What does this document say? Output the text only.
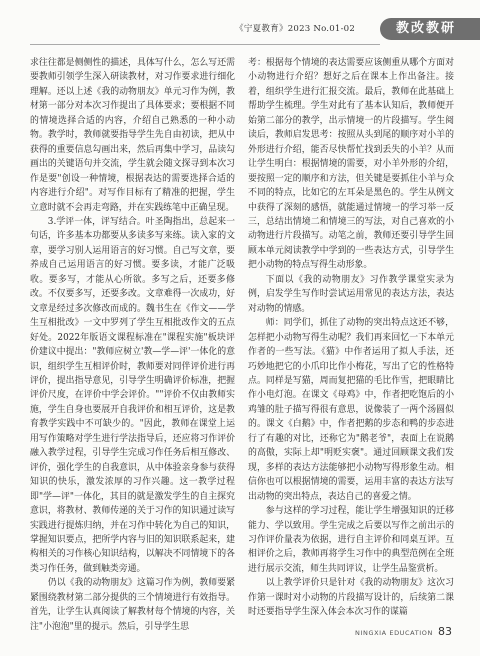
《宁夏教育》2023 No.01-02	教改教研

求往往都是侧侧性的描述，具体写什么，怎么写还需要教师引领学生深入研读教材，对习作要求进行细化理解。还以上述《我的动物朋友》单元习作为例，教材第一部分对本次习作提出了具体要求；要根据不同的情境选择合适的内容，介绍自己熟悉的一种小动物。教学时，教师就要指导学生先自由初读，把从中获得的重要信息勾画出来，然后再集中学习，品读勾画出的关键语句并交流，学生就会随文探寻到本次习作是要"创设一种情境，根据表达的需要选择合适的内容进行介绍"。对写作目标有了精准的把握，学生立意时就不会再走弯路，并在实践练笔中正确呈现。

3.学评一体，评写结合。叶圣陶指出，总起来一句话，许多基本功都要从多读多写来练。读入家的文章，要学习别人运用语言的好习惯。自己写文章，要养成自己运用语言的好习惯。要多读，才能广泛吸收。要多写，才能从心所欲。多写之后，还要多修改。不仅要多写，还要多改。文章难得一次成功，好文章是经过多次修改而成的。魏书生在《作文——学生互相批改》一文中罗列了学生互相批改作文的五点好处。2022年版语文课程标准在"课程实施"板块评价建议中提出："教师应树立'教—学—评'一体化的意识，组织学生互相评价时，教师要对同伴评价进行再评价，提出指导意见，引导学生明确评价标准，把握评价尺度，在评价中学会评价。""评价不仅由教师实施，学生自身也要展开自我评价和相互评价，这是教育教学实践中不可缺少的。"因此，教师在课堂上运用写作策略对学生进行学法指导后，还应将习作评价融入教学过程，引导学生完成习作任务后相互修改、评价，强化学生的自我意识，从中体验亲身参与获得知识的快乐，激发浓厚的习作兴趣。这一教学过程即"学—评"一体化，其目的就是激发学生的自主探究意识，将教材、教师传递的关于习作的知识通过读写实践进行提炼归纳，并在习作中转化为自己的知识，掌握知识要点，把所学内容与旧的知识联系起来，建构相关的习作核心知识结构，以解决不同情境下的各类习作任务，做到触类旁通。

仍以《我的动物朋友》这篇习作为例，教师要紧紧围绕教材第二部分提供的三个情境进行有效指导。首先，让学生认真阅读了解教材每个情境的内容，关注"小泡泡"里的提示。然后，引导学生思

考：根据每个情境的表达需要应该侧重从哪个方面对小动物进行介绍？想好之后在课本上作出备注。接着，组织学生进行汇报交流。最后，教师在此基础上帮助学生梳理。学生对此有了基本认知后，教师便开始第二部分的教学，出示情境一的片段描写。学生阅读后，教师启发思考：按照从头到尾的顺序对小羊的外形进行介绍，能否尽快帮忙找到丢失的小羊？从而让学生明白：根据情境的需要，对小羊外形的介绍，要按照一定的顺序和方法，但关键是要抓住小羊与众不同的特点，比如它的左耳朵是黑色的。学生从例文中获得了深刻的感悟，就能通过情境一的学习举一反三，总结出情境二和情境三的写法，对自己喜欢的小动物进行片段描写。动笔之前，教师还要引导学生回顾本单元阅读教学中学到的一些表达方式，引导学生把小动物的特点写得生动形象。

下面以《我的动物朋友》习作教学课堂实录为例，启发学生写作时尝试运用常见的表达方法，表达对动物的情感。

师：同学们，抓住了动物的突出特点这还不够，怎样把小动物写得生动呢？我们再来回忆一下本单元作者的一些写法。《猫》中作者运用了拟人手法，还巧妙地把它的小爪印比作小梅花，写出了它的性格特点。同样是写猫，周而复把猫的毛比作雪，把眼睛比作小电灯泡。在课文《母鸡》中，作者把吃饱后的小鸡雏的肚子描写得很有意思，说像装了一两个汤圆似的。课文《白鹅》中，作者把鹅的步态和鸭的步态进行了有趣的对比，还称它为"鹅老爷"，表面上在说鹅的高傲，实际上却"明贬实褒"。通过回顾课文我们发现，多样的表达方法能够把小动物写得形象生动。相信你也可以根据情境的需要，运用丰富的表达方法写出动物的突出特点，表达自己的喜爱之情。

参与这样的学习过程，能让学生增强知识的迁移能力、学以致用。学生完成之后要以写作之前出示的习作评价量表为依据，进行自主评价和同桌互评。互相评价之后，教师再将学生习作中的典型范例在全班进行展示交流，师生共同评议，让学生品鉴赏析。

以上教学评价只是针对《我的动物朋友》这次习作第一课时对小动物的片段描写设计的，后续第二课时还要指导学生深入体会本次习作的谋篇

NINGXIA EDUCATION 83
